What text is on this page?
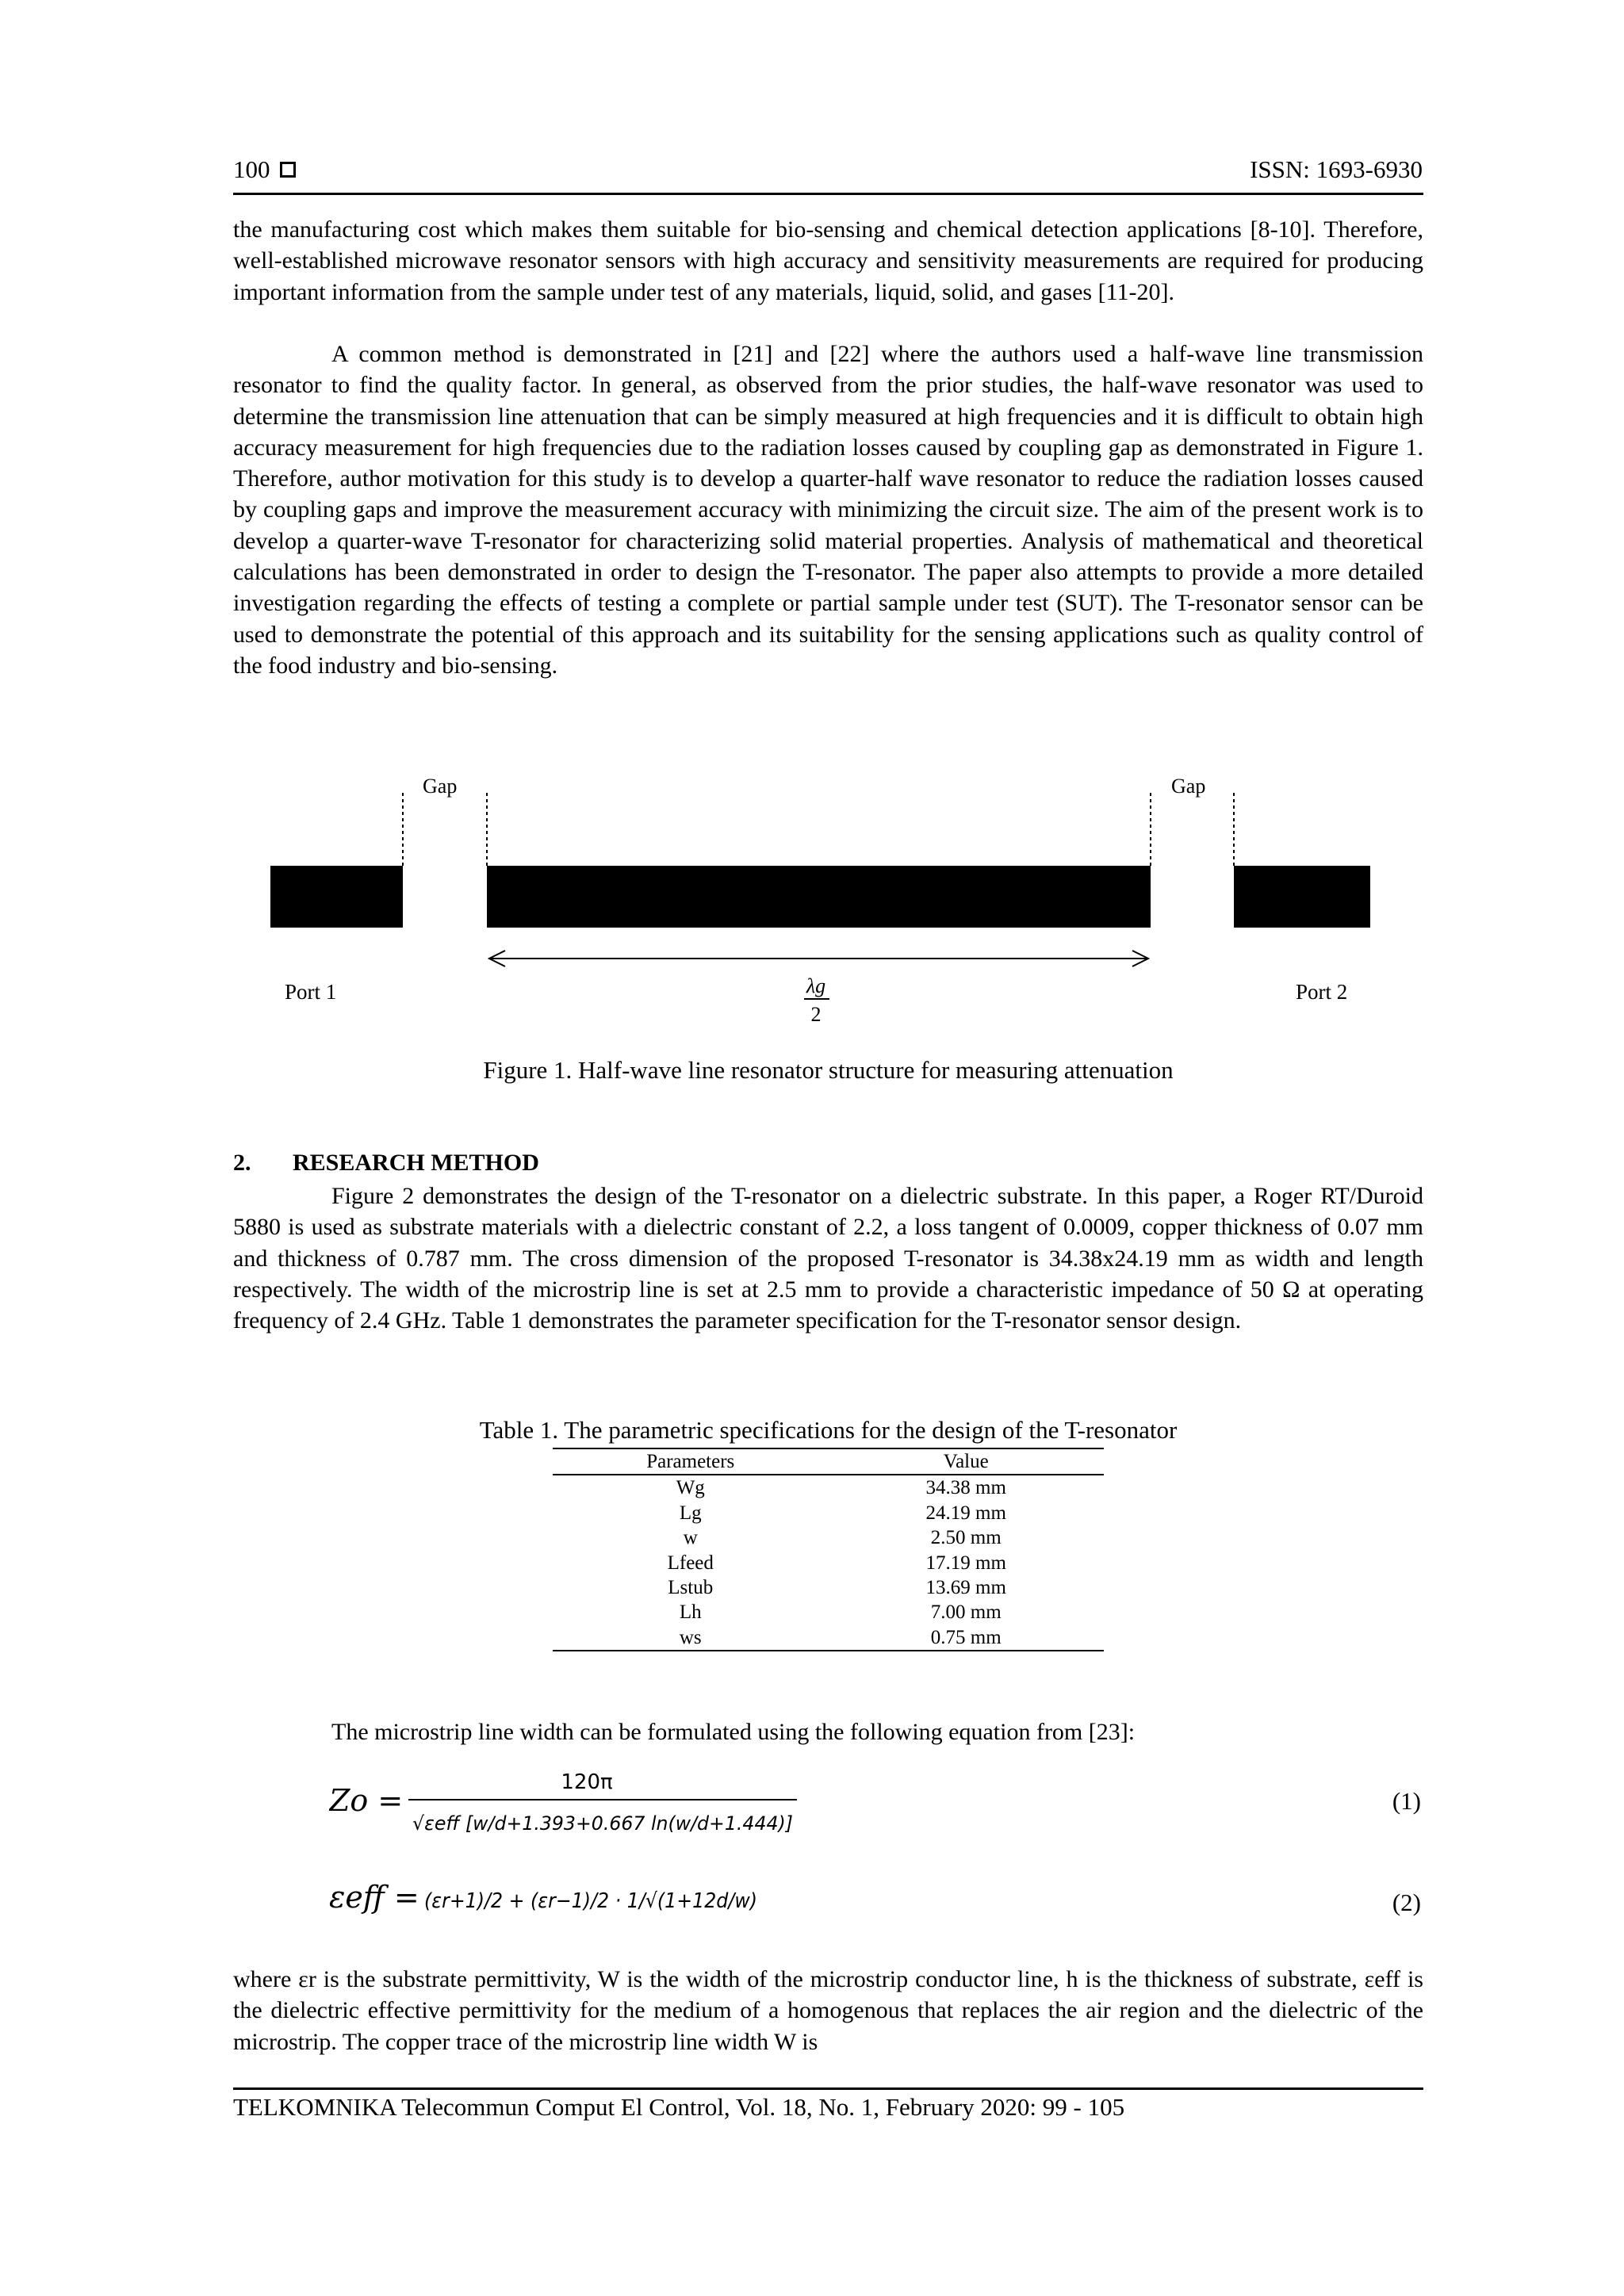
100	ISSN: 1693-6930

the manufacturing cost which makes them suitable for bio-sensing and chemical detection applications [8-10]. Therefore, well-established microwave resonator sensors with high accuracy and sensitivity measurements are required for producing important information from the sample under test of any materials, liquid, solid, and gases [11-20].

A common method is demonstrated in [21] and [22] where the authors used a half-wave line transmission resonator to find the quality factor. In general, as observed from the prior studies, the half-wave resonator was used to determine the transmission line attenuation that can be simply measured at high frequencies and it is difficult to obtain high accuracy measurement for high frequencies due to the radiation losses caused by coupling gap as demonstrated in Figure 1. Therefore, author motivation for this study is to develop a quarter-half wave resonator to reduce the radiation losses caused by coupling gaps and improve the measurement accuracy with minimizing the circuit size. The aim of the present work is to develop a quarter-wave T-resonator for characterizing solid material properties. Analysis of mathematical and theoretical calculations has been demonstrated in order to design the T-resonator. The paper also attempts to provide a more detailed investigation regarding the effects of testing a complete or partial sample under test (SUT). The T-resonator sensor can be used to demonstrate the potential of this approach and its suitability for the sensing applications such as quality control of the food industry and bio-sensing.

Gap	Gap
Port 1	Port 2
λg
2
Figure 1. Half-wave line resonator structure for measuring attenuation
2. RESEARCH METHOD

Figure 2 demonstrates the design of the T-resonator on a dielectric substrate. In this paper, a Roger RT/Duroid 5880 is used as substrate materials with a dielectric constant of 2.2, a loss tangent of 0.0009, copper thickness of 0.07 mm and thickness of 0.787 mm. The cross dimension of the proposed T-resonator is 34.38x24.19 mm as width and length respectively. The width of the microstrip line is set at 2.5 mm to provide a characteristic impedance of 50 Ω at operating frequency of 2.4 GHz. Table 1 demonstrates the parameter specification for the T-resonator sensor design.

Table 1. The parametric specifications for the design of the T-resonator
Parameters	Value
Wg	34.38 mm
Lg	24.19 mm
w	2.50 mm
Lfeed	17.19 mm
Lstub	13.69 mm
Lh	7.00 mm
ws	0.75 mm

The microstrip line width can be formulated using the following equation from [23]:

Zo =
120π
√εeff [w/d+1.393+0.667 ln(w/d+1.444)]
(1)
εeff = (εr+1)/2 + (εr−1)/2 · 1/√(1+12d/w)	(2)

where εr is the substrate permittivity, W is the width of the microstrip conductor line, h is the thickness of substrate, εeff is the dielectric effective permittivity for the medium of a homogenous that replaces the air region and the dielectric of the microstrip. The copper trace of the microstrip line width W is

TELKOMNIKA Telecommun Comput El Control, Vol. 18, No. 1, February 2020: 99 - 105
